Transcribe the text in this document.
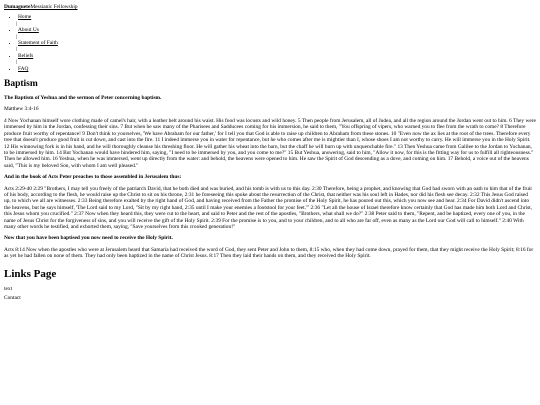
DumagueteMessianic Fellowship
• Home
|
• About Us
|
• Statement of Faith
|
• Beliefs
|
• FAQ
Baptism

The Baptism of Yeshua and the sermon of Peter concerning baptism.

Matthew 3:4-16

4 Now Yochanan himself wore clothing made of camel's hair, with a leather belt around his waist. His food was locusts and wild honey. 5 Then people from Jerusalem, all of Judea, and all the region around the Jordan went out to him. 6 They were immersed by him in the Jordan, confessing their sins. 7 But when he saw many of the Pharisees and Sadducees coming for his immersion, he said to them, "You offspring of vipers, who warned you to flee from the wrath to come? 8 Therefore produce fruit worthy of repentance! 9 Don't think to yourselves, 'We have Abraham for our father,' for I tell you that God is able to raise up children to Abraham from these stones. 10 "Even now the ax lies at the root of the trees. Therefore every tree that doesn't produce good fruit is cut down, and cast into the fire. 11 I indeed immerse you in water for repentance, but he who comes after me is mightier than I, whose shoes I am not worthy to carry. He will immerse you in the Holy Spirit. 12 His winnowing fork is in his hand, and he will thoroughly cleanse his threshing floor. He will gather his wheat into the barn, but the chaff he will burn up with unquenchable fire." 13 Then Yeshua came from Galilee to the Jordan to Yochanan, to be immersed by him. 14 But Yochanan would have hindered him, saying, "I need to be immersed by you, and you come to me?" 15 But Yeshua, answering, said to him, "Allow it now, for this is the fitting way for us to fulfill all righteousness." Then he allowed him. 16 Yeshua, when he was immersed, went up directly from the water: and behold, the heavens were opened to him. He saw the Spirit of God descending as a dove, and coming on him. 17 Behold, a voice out of the heavens said, "This is my beloved Son, with whom I am well pleased."

And in the book of Acts Peter preaches to those assembled in Jerusalem thus:

Acts 2:29-40 2:29 "Brothers, I may tell you freely of the patriarch David, that he both died and was buried, and his tomb is with us to this day. 2:30 Therefore, being a prophet, and knowing that God had sworn with an oath to him that of the fruit of his body, according to the flesh, he would raise up the Christ to sit on his throne, 2:31 he foreseeing this spoke about the resurrection of the Christ, that neither was his soul left in Hades, nor did his flesh see decay. 2:32 This Jesus God raised up, to which we all are witnesses. 2:33 Being therefore exalted by the right hand of God, and having received from the Father the promise of the Holy Spirit, he has poured out this, which you now see and hear. 2:34 For David didn't ascend into the heavens, but he says himself, 'The Lord said to my Lord, "Sit by my right hand, 2:35 until I make your enemies a footstool for your feet."' 2:36 "Let all the house of Israel therefore know certainly that God has made him both Lord and Christ, this Jesus whom you crucified." 2:37 Now when they heard this, they were cut to the heart, and said to Peter and the rest of the apostles, "Brothers, what shall we do?" 2:38 Peter said to them, "Repent, and be baptized, every one of you, in the name of Jesus Christ for the forgiveness of sins, and you will receive the gift of the Holy Spirit. 2:39 For the promise is to you, and to your children, and to all who are far off, even as many as the Lord our God will call to himself." 2:40 With many other words he testified, and exhorted them, saying, "Save yourselves from this crooked generation!"

Now that you have been baptised you now need to receive the Holy Spirit.

Acts 8:14 Now when the apostles who were at Jerusalem heard that Samaria had received the word of God, they sent Peter and John to them, 8:15 who, when they had come down, prayed for them, that they might receive the Holy Spirit; 8:16 for as yet he had fallen on none of them. They had only been baptized in the name of Christ Jesus. 8:17 Then they laid their hands on them, and they received the Holy Spirit.

Links Page

text

Contact
